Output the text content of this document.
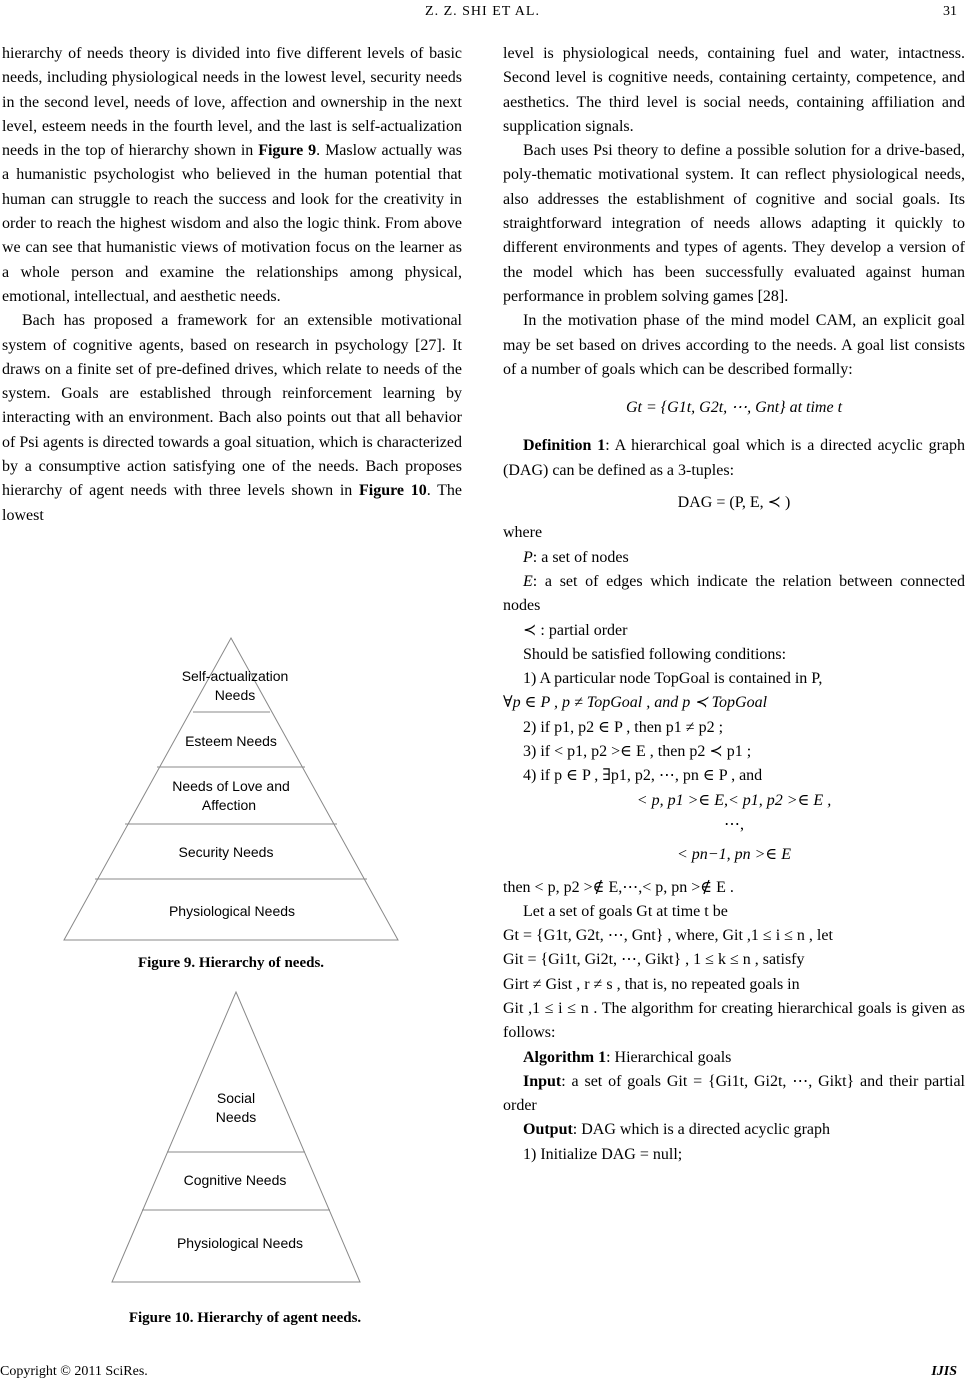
Z. Z. SHI ET AL.	31

hierarchy of needs theory is divided into five different levels of basic needs, including physiological needs in the lowest level, security needs in the second level, needs of love, affection and ownership in the next level, esteem needs in the fourth level, and the last is self-actualization needs in the top of hierarchy shown in Figure 9. Maslow actually was a humanistic psychologist who believed in the human potential that human can struggle to reach the success and look for the creativity in order to reach the highest wisdom and also the logic think. From above we can see that humanistic views of motivation focus on the learner as a whole person and examine the relationships among physical, emotional, intellectual, and aesthetic needs.

Bach has proposed a framework for an extensible motivational system of cognitive agents, based on research in psychology [27]. It draws on a finite set of pre-defined drives, which relate to needs of the system. Goals are established through reinforcement learning by interacting with an environment. Bach also points out that all behavior of Psi agents is directed towards a goal situation, which is characterized by a consumptive action satisfying one of the needs. Bach proposes hierarchy of agent needs with three levels shown in Figure 10. The lowest

Self-actualization
Needs
Esteem Needs
Needs of Love and
Affection
Security Needs
Physiological Needs
Figure 9. Hierarchy of needs.
Social
Needs
Cognitive Needs
Physiological Needs
Figure 10. Hierarchy of agent needs.

level is physiological needs, containing fuel and water, intactness. Second level is cognitive needs, containing certainty, competence, and aesthetics. The third level is social needs, containing affiliation and supplication signals.

Bach uses Psi theory to define a possible solution for a drive-based, poly-thematic motivational system. It can reflect physiological needs, also addresses the establishment of cognitive and social goals. Its straightforward integration of needs allows adapting it quickly to different environments and types of agents. They develop a version of the model which has been successfully evaluated against human performance in problem solving games [28].

In the motivation phase of the mind model CAM, an explicit goal may be set based on drives according to the needs. A goal list consists of a number of goals which can be described formally:

Gt = {G1t, G2t, ⋯, Gnt} at time t

Definition 1: A hierarchical goal which is a directed acyclic graph (DAG) can be defined as a 3-tuples:

DAG = (P, E, ≺ )

where

P: a set of nodes

E: a set of edges which indicate the relation between connected nodes

≺ : partial order

Should be satisfied following conditions:

1) A particular node TopGoal is contained in P,

∀p ∈ P , p ≠ TopGoal , and p ≺ TopGoal

2) if p1, p2 ∈ P , then p1 ≠ p2 ;

3) if < p1, p2 >∈ E , then p2 ≺ p1 ;

4) if p ∈ P , ∃p1, p2, ⋯, pn ∈ P , and

< p, p1 >∈ E,< p1, p2 >∈ E ,

⋯,

< pn−1, pn >∈ E

then < p, p2 >∉ E,⋯,< p, pn >∉ E .

Let a set of goals Gt at time t be

Gt = {G1t, G2t, ⋯, Gnt} , where, Git ,1 ≤ i ≤ n , let

Git = {Gi1t, Gi2t, ⋯, Gikt} , 1 ≤ k ≤ n , satisfy

Girt ≠ Gist , r ≠ s , that is, no repeated goals in

Git ,1 ≤ i ≤ n . The algorithm for creating hierarchical goals is given as follows:

Algorithm 1: Hierarchical goals

Input: a set of goals Git = {Gi1t, Gi2t, ⋯, Gikt} and their partial order

Output: DAG which is a directed acyclic graph

1) Initialize DAG = null;

Copyright © 2011 SciRes.	IJIS
